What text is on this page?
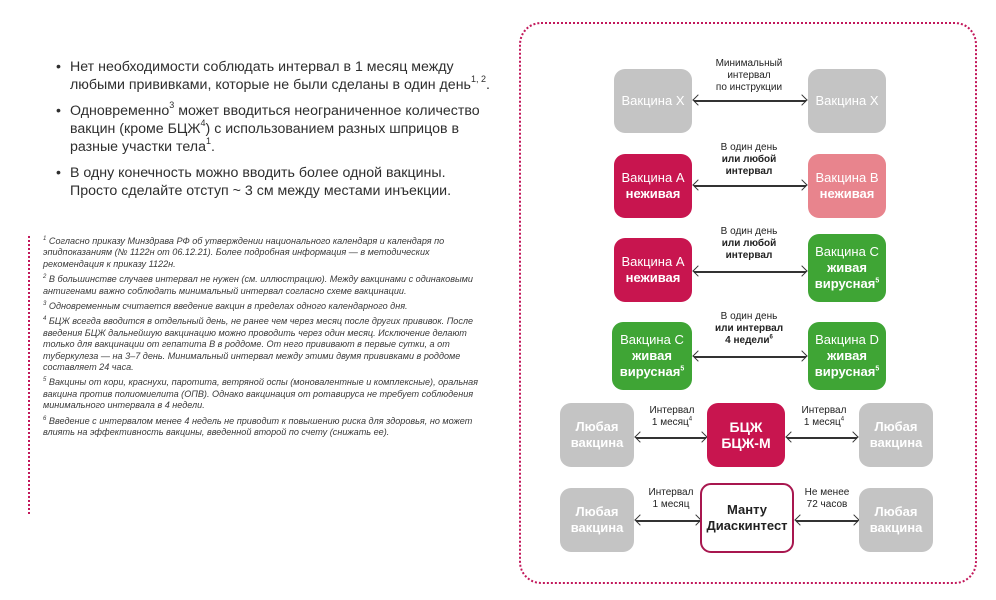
• Нет необходимости соблюдать интервал в 1 месяц между любыми прививками, которые не были сделаны в один день$^{1, 2}$.

• Одновременно$^3$ может вводиться неограниченное количество вакцин (кроме БЦЖ$^4$) с использованием разных шприцов в разные участки тела$^1$.

• В одну конечность можно вводить более одной вакцины. Просто сделайте отступ ~ 3 см между местами инъекции.

$^1$ Согласно приказу Минздрава РФ об утверждении национального календаря и календаря по эпидпоказаниям (№ 1122н от 06.12.21). Более подробная информация — в методических рекомендация к приказу 1122н.

$^2$ В большинстве случаев интервал не нужен (см. иллюстрацию). Между вакцинами с одинаковыми антигенами важно соблюдать минимальный интервал согласно схеме вакцинации.

$^3$ Одновременным считается введение вакцин в пределах одного календарного дня.

$^4$ БЦЖ всегда вводится в отдельный день, не ранее чем через месяц после других прививок. После введения БЦЖ дальнейшую вакцинацию можно проводить через один месяц. Исключение делают только для вакцинации от гепатита B в роддоме. От него прививают в первые сутки, а от туберкулеза — на 3–7 день. Минимальный интервал между этими двумя прививками в роддоме составляет 24 часа.

$^5$ Вакцины от кори, краснухи, паротита, ветряной оспы (моновалентные и комплексные), оральная вакцина против полиомиелита (ОПВ). Однако вакцинация от ротавируса не требует соблюдения минимального интервала в 4 недели.

$^6$ Введение с интервалом менее 4 недель не приводит к повышению риска для здоровья, но может влиять на эффективность вакцины, введенной второй по счету (снижать ее).

Вакцина X
Минимальный
интервал
по инструкции
Вакцина X
Вакцина А
неживая
В один день
или любой
интервал	Вакцина В
неживая
Вакцина А
неживая
В один день
или любой
интервал	Вакцина С
живая
вирусная$^5$
Вакцина С
живая
вирусная$^5$
В один день
или интервал
4 недели$^6$	Вакцина D
живая
вирусная$^5$
Любая
вакцина
Интервал
1 месяц$^4$	БЦЖ
БЦЖ-М
Интервал
1 месяц$^4$	Любая
вакцина
Любая
вакцина
Интервал
1 месяц	Манту
Диаскинтест
Не менее
72 часов	Любая
вакцина
